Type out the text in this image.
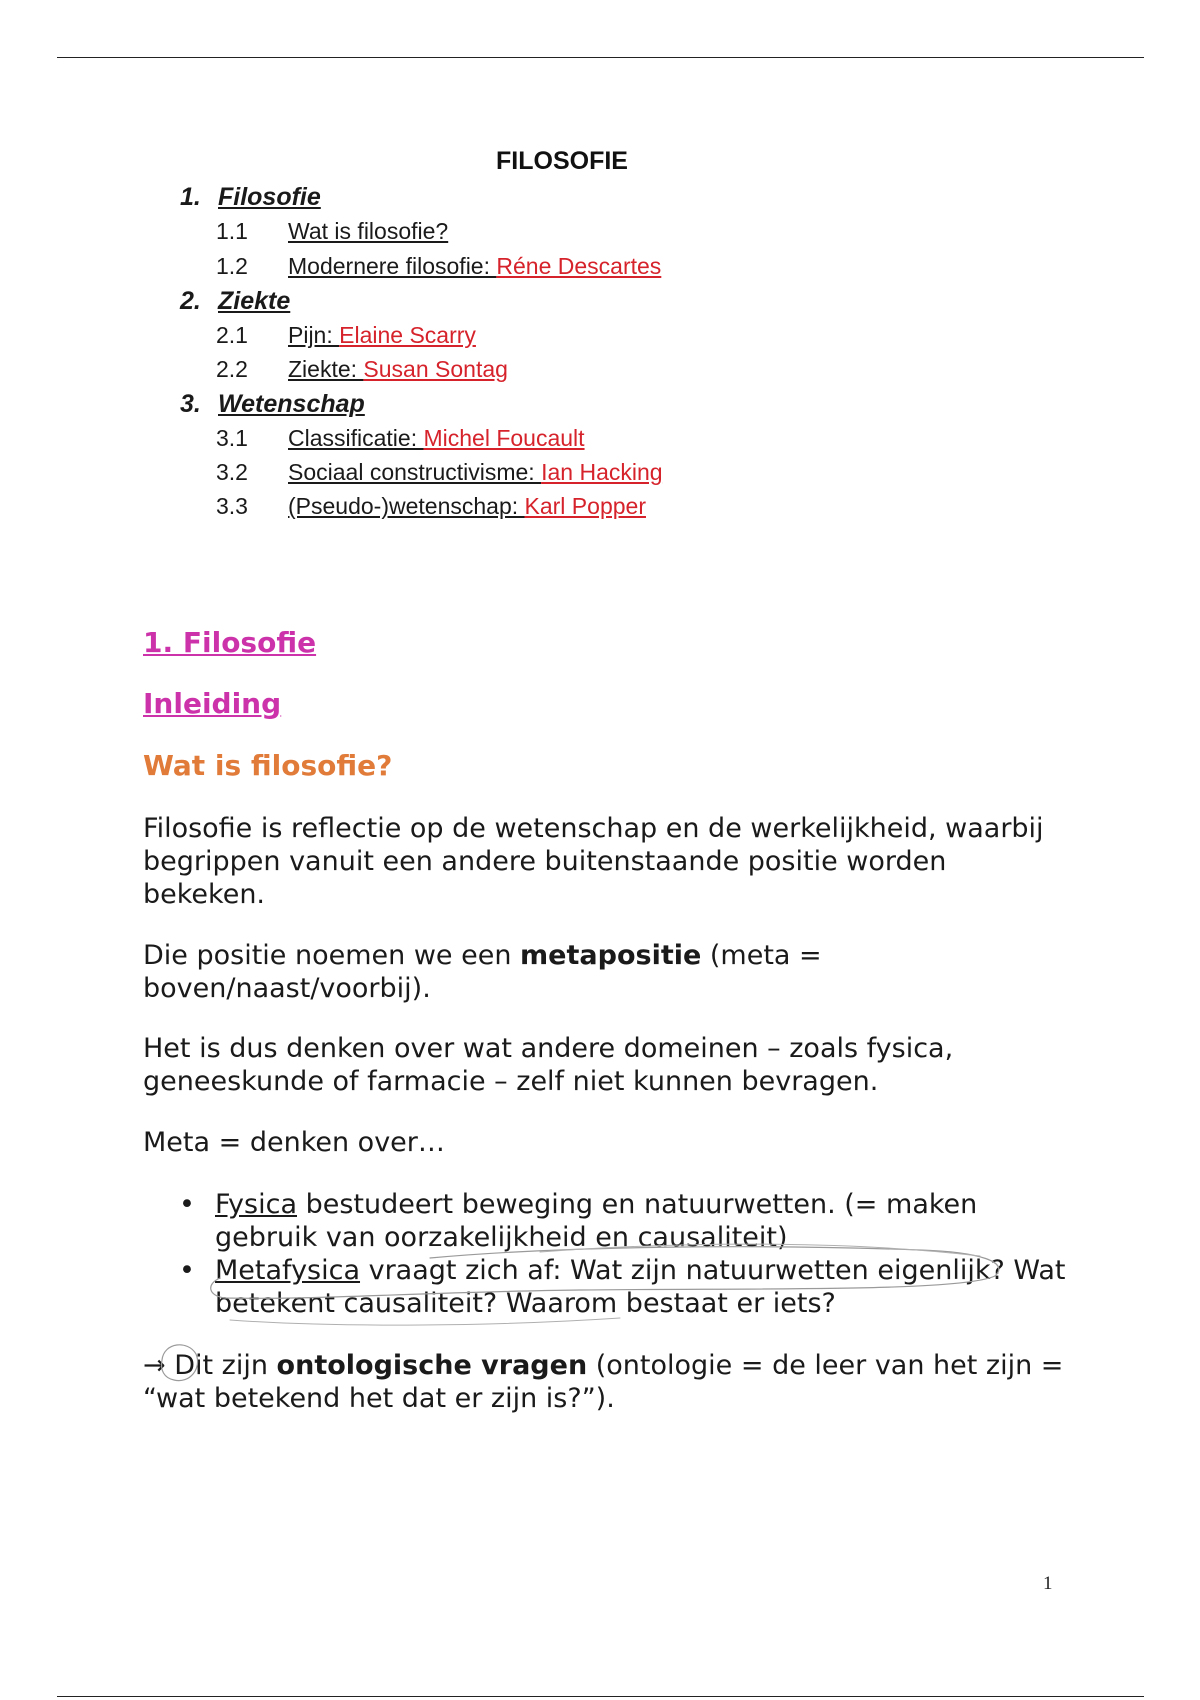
FILOSOFIE
1. Filosofie
1.1 Wat is filosofie?
1.2 Modernere filosofie: Réne Descartes
2. Ziekte
2.1 Pijn: Elaine Scarry
2.2 Ziekte: Susan Sontag
3. Wetenschap
3.1 Classificatie: Michel Foucault
3.2 Sociaal constructivisme: Ian Hacking
3.3 (Pseudo-)wetenschap: Karl Popper
1. Filosofie
Inleiding
Wat is filosofie?
Filosofie is reflectie op de wetenschap en de werkelijkheid, waarbij begrippen vanuit een andere buitenstaande positie worden bekeken.
Die positie noemen we een metapositie (meta = boven/naast/voorbij).
Het is dus denken over wat andere domeinen – zoals fysica, geneeskunde of farmacie – zelf niet kunnen bevragen.
Meta = denken over…
• Fysica bestudeert beweging en natuurwetten. (= maken gebruik van oorzakelijkheid en causaliteit)
• Metafysica vraagt zich af: Wat zijn natuurwetten eigenlijk? Wat betekent causaliteit? Waarom bestaat er iets?
→ Dit zijn ontologische vragen (ontologie = de leer van het zijn = “wat betekend het dat er zijn is?”).
1
